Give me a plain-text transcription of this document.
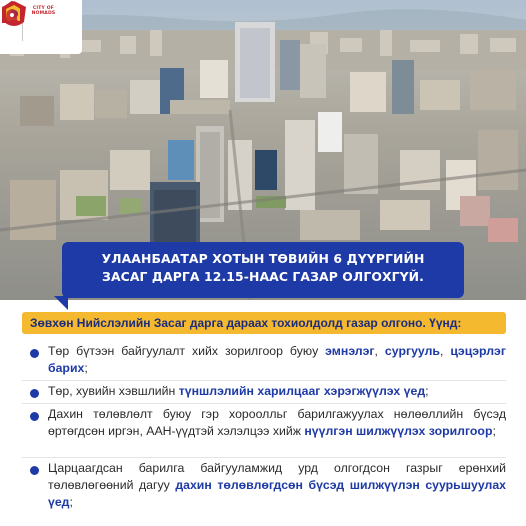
CITY OF NOMADS
УЛААНБААТАР ХОТЫН ТӨВИЙН 6 ДҮҮРГИЙН
ЗАСАГ ДАРГА 12.15-НААС ГАЗАР ОЛГОХГҮЙ.
Зөвхөн Нийслэлийн Засаг дарга дараах тохиолдолд газар олгоно. Үүнд:
Төр бүтээн байгуулалт хийх зорилгоор буюу эмнэлэг, сургууль, цэцэрлэг барих;
Төр, хувийн хэвшлийн түншлэлийн харилцааг хэрэгжүүлэх үед;
Дахин төлөвлөлт буюу гэр хороолльг барилгажуулах нөлөөллийн бүсэд өртөгдсөн иргэн, ААН-үүдтэй хэлэлцээ хийж нүүлгэн шилжүүлэх зорилгоор;
Царцаагдсан барилга байгууламжид урд олгогдсон газрыг ерөнхий төлөвлөгөөний дагуу дахин төлөвлөгдсөн бүсэд шилжүүлэн суурьшуулах үед;
